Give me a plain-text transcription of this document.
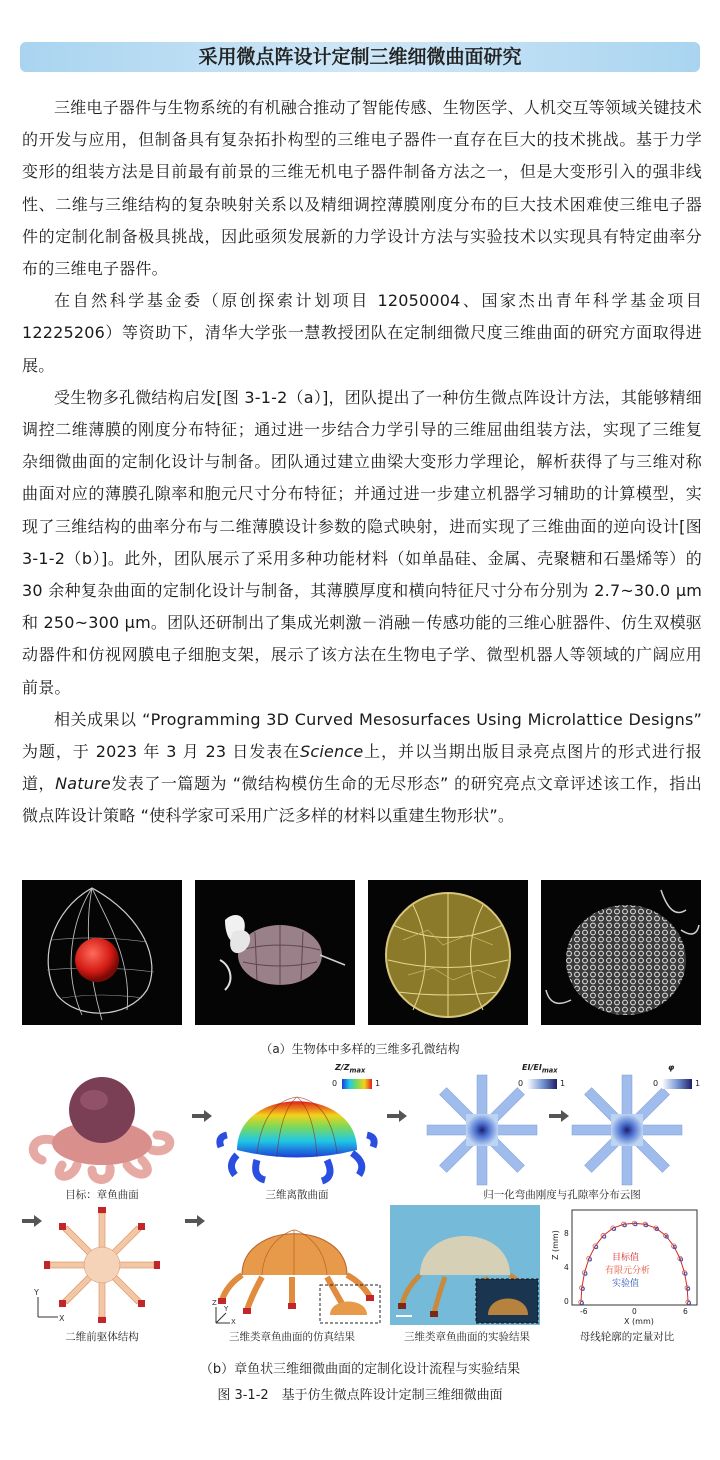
采用微点阵设计定制三维细微曲面研究

三维电子器件与生物系统的有机融合推动了智能传感、生物医学、人机交互等领域关键技术的开发与应用，但制备具有复杂拓扑构型的三维电子器件一直存在巨大的技术挑战。基于力学变形的组装方法是目前最有前景的三维无机电子器件制备方法之一，但是大变形引入的强非线性、二维与三维结构的复杂映射关系以及精细调控薄膜刚度分布的巨大技术困难使三维电子器件的定制化制备极具挑战，因此亟须发展新的力学设计方法与实验技术以实现具有特定曲率分布的三维电子器件。

在自然科学基金委（原创探索计划项目 12050004、国家杰出青年科学基金项目 12225206）等资助下，清华大学张一慧教授团队在定制细微尺度三维曲面的研究方面取得进展。

受生物多孔微结构启发[图 3-1-2（a）]，团队提出了一种仿生微点阵设计方法，其能够精细调控二维薄膜的刚度分布特征；通过进一步结合力学引导的三维屈曲组装方法，实现了三维复杂细微曲面的定制化设计与制备。团队通过建立曲梁大变形力学理论，解析获得了与三维对称曲面对应的薄膜孔隙率和胞元尺寸分布特征；并通过进一步建立机器学习辅助的计算模型，实现了三维结构的曲率分布与二维薄膜设计参数的隐式映射，进而实现了三维曲面的逆向设计[图 3-1-2（b）]。此外，团队展示了采用多种功能材料（如单晶硅、金属、壳聚糖和石墨烯等）的 30 余种复杂曲面的定制化设计与制备，其薄膜厚度和横向特征尺寸分布分别为 2.7~30.0 μm 和 250~300 μm。团队还研制出了集成光刺激－消融－传感功能的三维心脏器件、仿生双模驱动器件和仿视网膜电子细胞支架，展示了该方法在生物电子学、微型机器人等领域的广阔应用前景。

相关成果以 “Programming 3D Curved Mesosurfaces Using Microlattice Designs” 为题，于 2023 年 3 月 23 日发表在Science上，并以当期出版目录亮点图片的形式进行报道，Nature发表了一篇题为 “微结构模仿生命的无尽形态” 的研究亮点文章评述该工作，指出微点阵设计策略 “使科学家可采用广泛多样的材料以重建生物形状”。

（a）生物体中多样的三维多孔微结构
$Z/Z_{max}$
0	1
$EI/EI_{max}$
0	1
φ
0	1
目标：章鱼曲面	三维离散曲面	归一化弯曲刚度与孔隙率分布云图
Y
X
Z
Y
X
Z (mm)
X (mm)
-6	0	6
0
4
8
目标值
有限元分析
实验值
二维前驱体结构	三维类章鱼曲面的仿真结果	三维类章鱼曲面的实验结果	母线轮廓的定量对比
（b）章鱼状三维细微曲面的定制化设计流程与实验结果
图 3-1-2　基于仿生微点阵设计定制三维细微曲面
